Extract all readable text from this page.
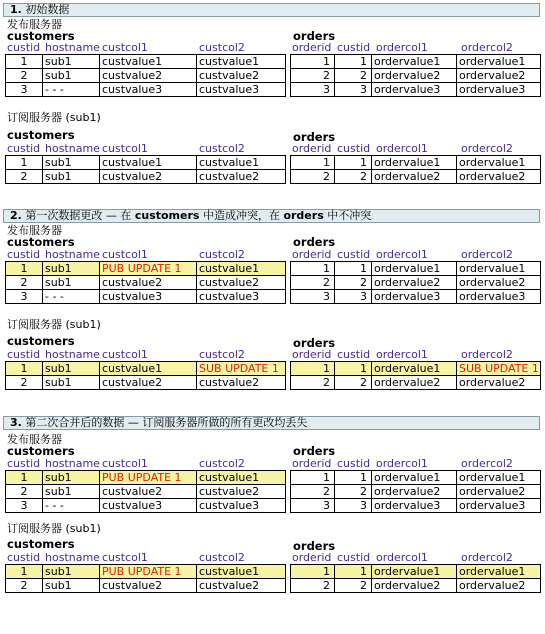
1. 初始数据
发布服务器
customers	orders
custid hostname custcol1	custcol2	orderid custid ordercol1	ordercol2
1	sub1	custvalue1	custvalue1
2	sub1	custvalue2	custvalue2
3	- - -	custvalue3	custvalue3
1	1	ordervalue1	ordervalue1
2	2	ordervalue2	ordervalue2
3	3	ordervalue3	ordervalue3
订阅服务器 (sub1)
customers	orders
custid hostname custcol1	custcol2	orderid custid ordercol1	ordercol2
1	sub1	custvalue1	custvalue1
2	sub1	custvalue2	custvalue2
1	1	ordervalue1	ordervalue1
2	2	ordervalue2	ordervalue2
2. 第一次数据更改 — 在 customers 中造成冲突，在 orders 中不冲突
发布服务器
customers	orders
custid hostname custcol1	custcol2	orderid custid ordercol1	ordercol2
1	sub1	PUB UPDATE 1	custvalue1
2	sub1	custvalue2	custvalue2
3	- - -	custvalue3	custvalue3
1	1	ordervalue1	ordervalue1
2	2	ordervalue2	ordervalue2
3	3	ordervalue3	ordervalue3
订阅服务器 (sub1)
customers	orders
custid hostname custcol1	custcol2	orderid custid ordercol1	ordercol2
1	sub1	custvalue1	SUB UPDATE 1
2	sub1	custvalue2	custvalue2
1	1	ordervalue1	SUB UPDATE 1
2	2	ordervalue2	ordervalue2
3. 第二次合并后的数据 — 订阅服务器所做的所有更改均丢失
发布服务器
customers	orders
custid hostname custcol1	custcol2	orderid custid ordercol1	ordercol2
1	sub1	PUB UPDATE 1	custvalue1
2	sub1	custvalue2	custvalue2
3	- - -	custvalue3	custvalue3
1	1	ordervalue1	ordervalue1
2	2	ordervalue2	ordervalue2
3	3	ordervalue3	ordervalue3
订阅服务器 (sub1)
customers	orders
custid hostname custcol1	custcol2	orderid custid ordercol1	ordercol2
1	sub1	PUB UPDATE 1	custvalue1
2	sub1	custvalue2	custvalue2
1	1	ordervalue1	ordervalue1
2	2	ordervalue2	ordervalue2
